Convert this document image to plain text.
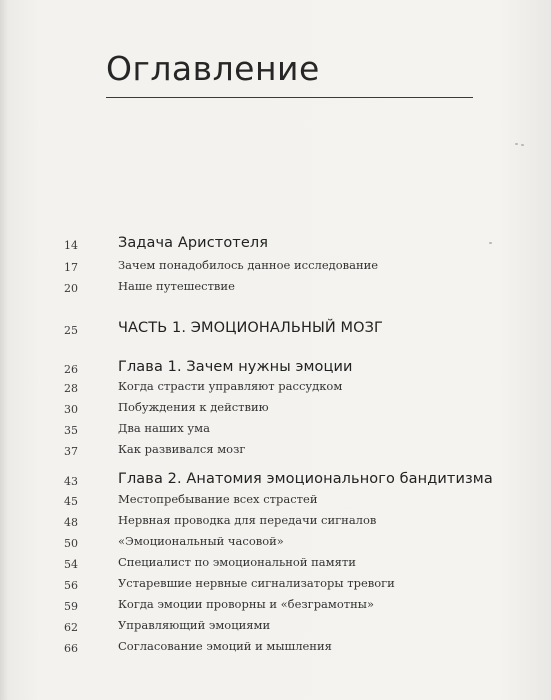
Оглавление
14	Задача Аристотеля
17	Зачем понадобилось данное исследование
20	Наше путешествие
25	ЧАСТЬ 1. ЭМОЦИОНАЛЬНЫЙ МОЗГ
26	Глава 1. Зачем нужны эмоции
28	Когда страсти управляют рассудком
30	Побуждения к действию
35	Два наших ума
37	Как развивался мозг
43	Глава 2. Анатомия эмоционального бандитизма
45	Местопребывание всех страстей
48	Нервная проводка для передачи сигналов
50	«Эмоциональный часовой»
54	Специалист по эмоциональной памяти
56	Устаревшие нервные сигнализаторы тревоги
59	Когда эмоции проворны и «безграмотны»
62	Управляющий эмоциями
66	Согласование эмоций и мышления
